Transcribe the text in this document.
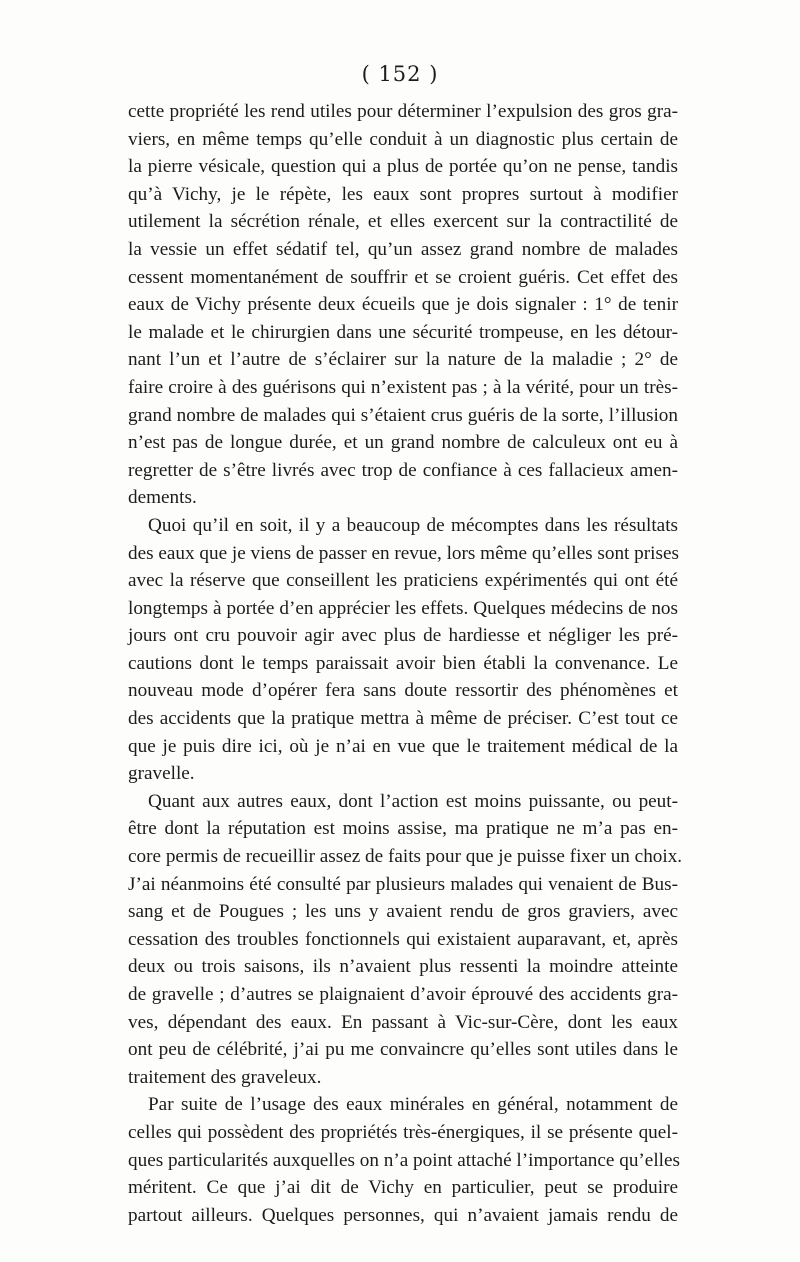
( 152 )
cette propriété les rend utiles pour déterminer l’expulsion des gros gra-
viers, en même temps qu’elle conduit à un diagnostic plus certain de
la pierre vésicale, question qui a plus de portée qu’on ne pense, tandis
qu’à Vichy, je le répète, les eaux sont propres surtout à modifier
utilement la sécrétion rénale, et elles exercent sur la contractilité de
la vessie un effet sédatif tel, qu’un assez grand nombre de malades
cessent momentanément de souffrir et se croient guéris. Cet effet des
eaux de Vichy présente deux écueils que je dois signaler : 1° de tenir
le malade et le chirurgien dans une sécurité trompeuse, en les détour-
nant l’un et l’autre de s’éclairer sur la nature de la maladie ; 2° de
faire croire à des guérisons qui n’existent pas ; à la vérité, pour un très-
grand nombre de malades qui s’étaient crus guéris de la sorte, l’illusion
n’est pas de longue durée, et un grand nombre de calculeux ont eu à
regretter de s’être livrés avec trop de confiance à ces fallacieux amen-
dements.
Quoi qu’il en soit, il y a beaucoup de mécomptes dans les résultats
des eaux que je viens de passer en revue, lors même qu’elles sont prises
avec la réserve que conseillent les praticiens expérimentés qui ont été
longtemps à portée d’en apprécier les effets. Quelques médecins de nos
jours ont cru pouvoir agir avec plus de hardiesse et négliger les pré-
cautions dont le temps paraissait avoir bien établi la convenance. Le
nouveau mode d’opérer fera sans doute ressortir des phénomènes et
des accidents que la pratique mettra à même de préciser. C’est tout ce
que je puis dire ici, où je n’ai en vue que le traitement médical de la
gravelle.
Quant aux autres eaux, dont l’action est moins puissante, ou peut-
être dont la réputation est moins assise, ma pratique ne m’a pas en-
core permis de recueillir assez de faits pour que je puisse fixer un choix.
J’ai néanmoins été consulté par plusieurs malades qui venaient de Bus-
sang et de Pougues ; les uns y avaient rendu de gros graviers, avec
cessation des troubles fonctionnels qui existaient auparavant, et, après
deux ou trois saisons, ils n’avaient plus ressenti la moindre atteinte
de gravelle ; d’autres se plaignaient d’avoir éprouvé des accidents gra-
ves, dépendant des eaux. En passant à Vic-sur-Cère, dont les eaux
ont peu de célébrité, j’ai pu me convaincre qu’elles sont utiles dans le
traitement des graveleux.
Par suite de l’usage des eaux minérales en général, notamment de
celles qui possèdent des propriétés très-énergiques, il se présente quel-
ques particularités auxquelles on n’a point attaché l’importance qu’elles
méritent. Ce que j’ai dit de Vichy en particulier, peut se produire
partout ailleurs. Quelques personnes, qui n’avaient jamais rendu de
